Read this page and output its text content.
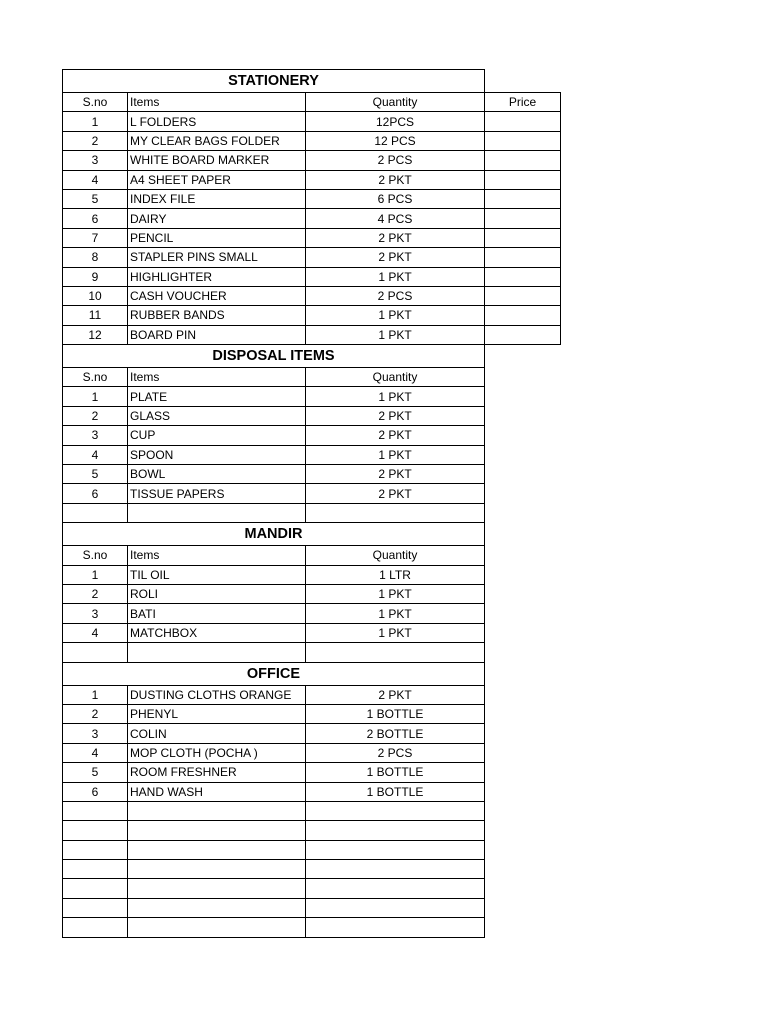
STATIONERY			
S.no	Items	Quantity	Price
1	L FOLDERS	12PCS	
2	MY CLEAR BAGS FOLDER	12 PCS	
3	WHITE BOARD MARKER	2 PCS	
4	A4 SHEET PAPER	2 PKT	
5	INDEX FILE	6 PCS	
6	DAIRY	4 PCS	
7	PENCIL	2 PKT	
8	STAPLER PINS SMALL	2 PKT	
9	HIGHLIGHTER	1 PKT	
10	CASH VOUCHER	2 PCS	
11	RUBBER BANDS	1 PKT	
12	BOARD PIN	1 PKT	
DISPOSAL ITEMS			
S.no	Items	Quantity	
1	PLATE	1 PKT	
2	GLASS	2 PKT	
3	CUP	2 PKT	
4	SPOON	1 PKT	
5	BOWL	2 PKT	
6	TISSUE PAPERS	2 PKT	

MANDIR			
S.no	Items	Quantity	
1	TIL OIL	1 LTR	
2	ROLI	1 PKT	
3	BATI	1 PKT	
4	MATCHBOX	1 PKT	

OFFICE			
1	DUSTING CLOTHS ORANGE	2 PKT	
2	PHENYL	1 BOTTLE	
3	COLIN	2 BOTTLE	
4	MOP CLOTH (POCHA )	2 PCS	
5	ROOM FRESHNER	1 BOTTLE	
6	HAND WASH	1 BOTTLE	
